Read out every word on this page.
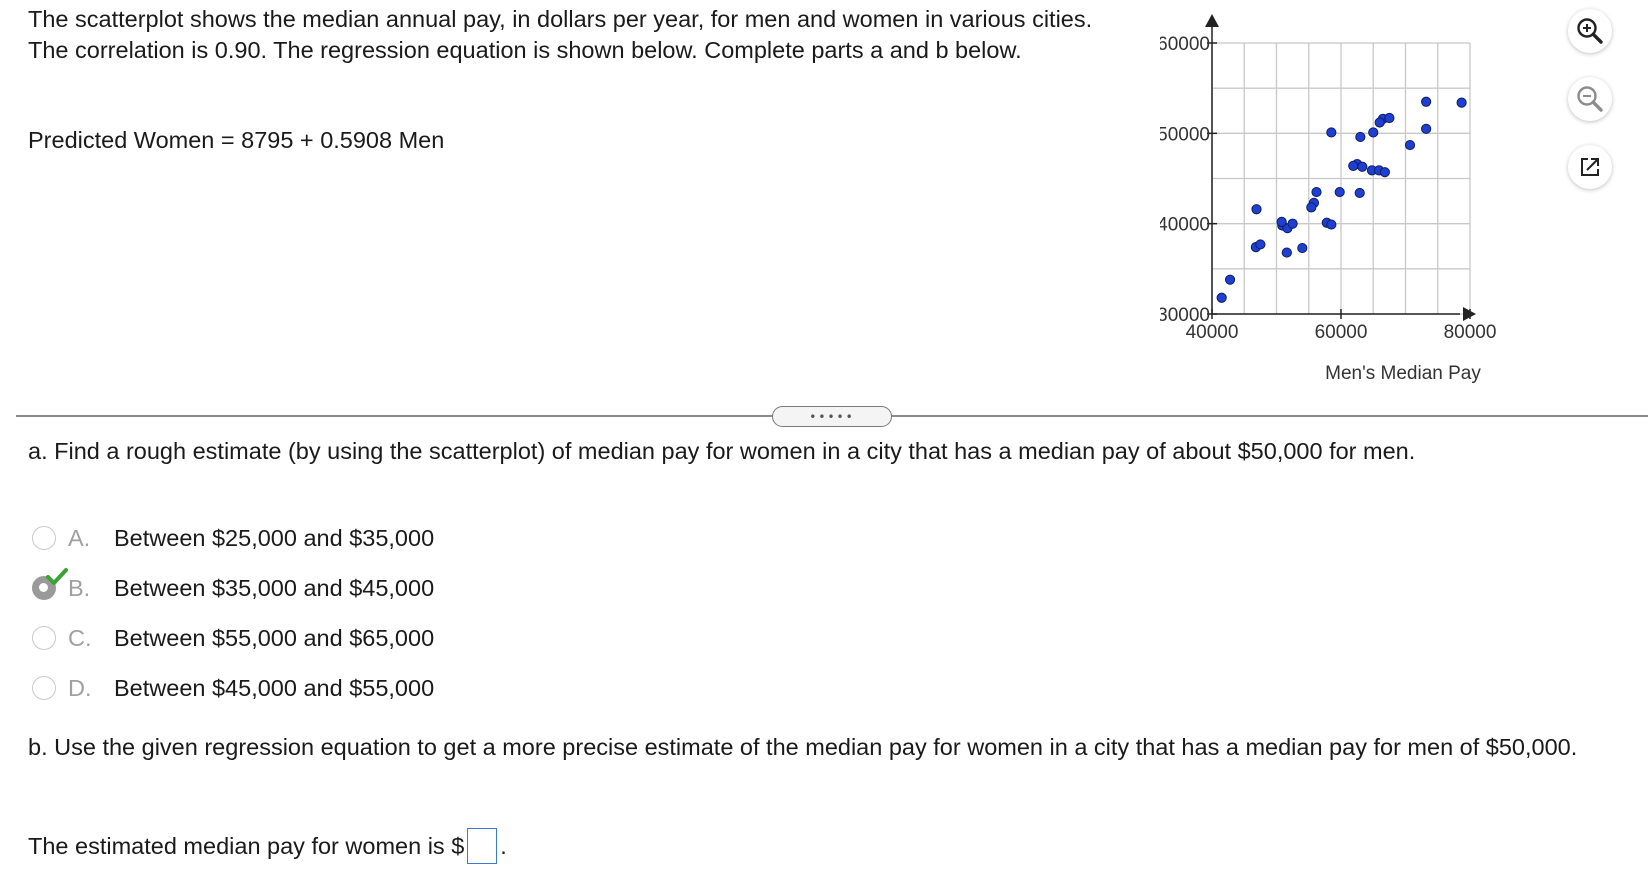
The scatterplot shows the median annual pay, in dollars per year, for men and women in various cities. The correlation is 0.90. The regression equation is shown below. Complete parts a and b below.

Predicted Women = 8795 + 0.5908 Men

40000	60000	80000
30000
40000
50000
60000
Men's Median Pay
•••••

a. Find a rough estimate (by using the scatterplot) of median pay for women in a city that has a median pay of about $50,000 for men.

A.	Between $25,000 and $35,000
B.	Between $35,000 and $45,000
C. Between $55,000 and $65,000
D. Between $45,000 and $55,000

b. Use the given regression equation to get a more precise estimate of the median pay for women in a city that has a median pay for men of $50,000.

The estimated median pay for women is $ .
